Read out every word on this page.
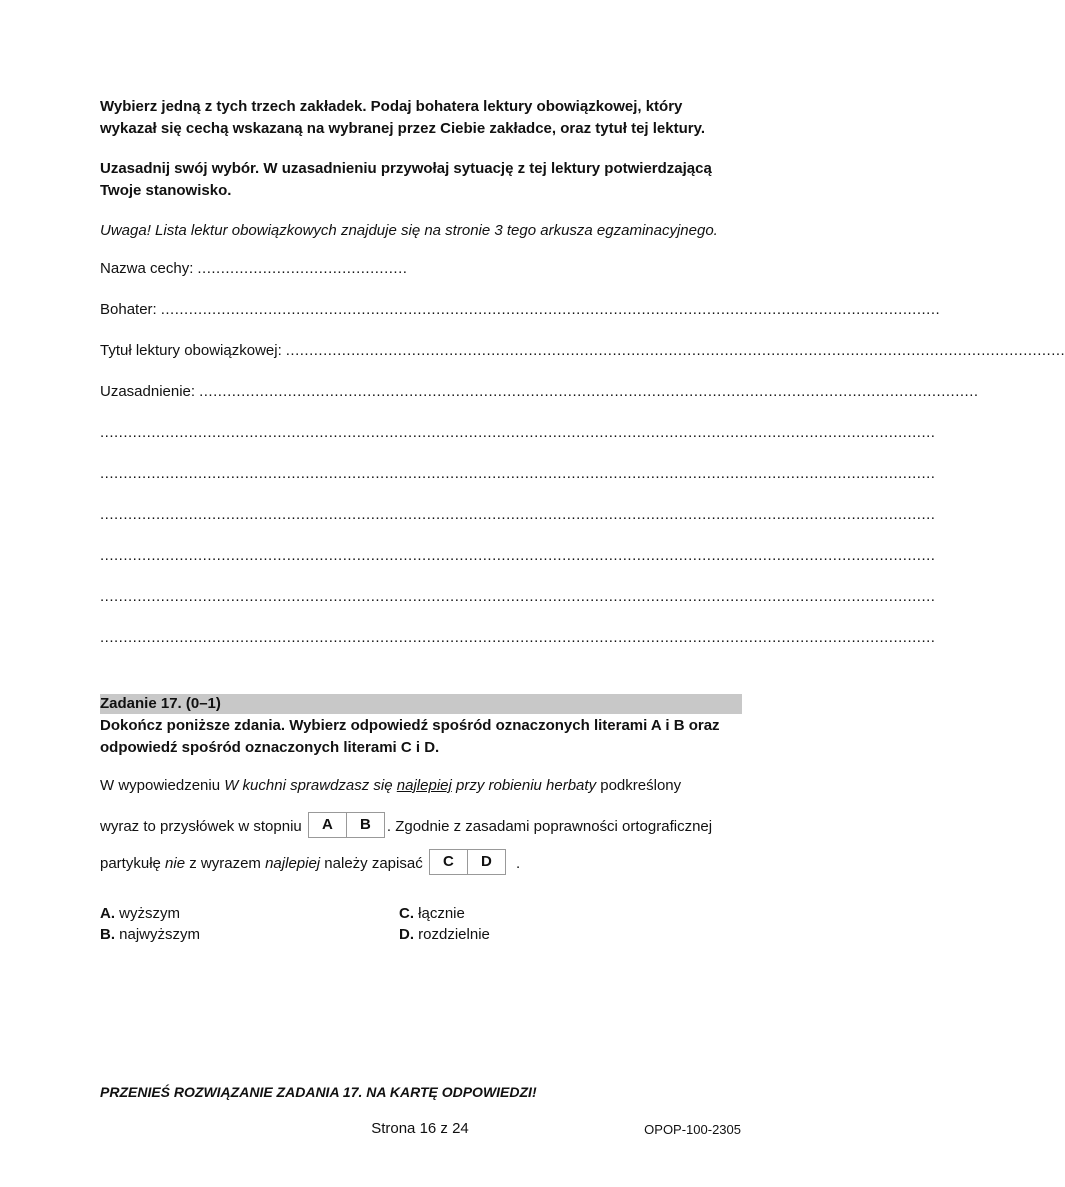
Wybierz jedną z tych trzech zakładek. Podaj bohatera lektury obowiązkowej, który wykazał się cechą wskazaną na wybranej przez Ciebie zakładce, oraz tytuł tej lektury.

Uzasadnij swój wybór. W uzasadnieniu przywołaj sytuację z tej lektury potwierdzającą Twoje stanowisko.

Uwaga! Lista lektur obowiązkowych znajduje się na stronie 3 tego arkusza egzaminacyjnego.

Nazwa cechy: .............................................
Bohater: .......................................................................................................................................................................
Tytuł lektury obowiązkowej: .......................................................................................................................................................................
Uzasadnienie: .......................................................................................................................................................................
...................................................................................................................................................................................
...................................................................................................................................................................................
...................................................................................................................................................................................
...................................................................................................................................................................................
...................................................................................................................................................................................
...................................................................................................................................................................................
Zadanie 17. (0–1)
Dokończ poniższe zdania. Wybierz odpowiedź spośród oznaczonych literami A i B oraz odpowiedź spośród oznaczonych literami C i D.
W wypowiedzeniu W kuchni sprawdzasz się najlepiej przy robieniu herbaty podkreślony
wyraz to przysłówek w stopniu A B . Zgodnie z zasadami poprawności ortograficznej
partykułę nie z wyrazem najlepiej należy zapisać C D .
A. wyższym
B. najwyższym
C. łącznie
D. rozdzielnie
PRZENIEŚ ROZWIĄZANIE ZADANIA 17. NA KARTĘ ODPOWIEDZI!
Strona 16 z 24	OPOP-100-2305
